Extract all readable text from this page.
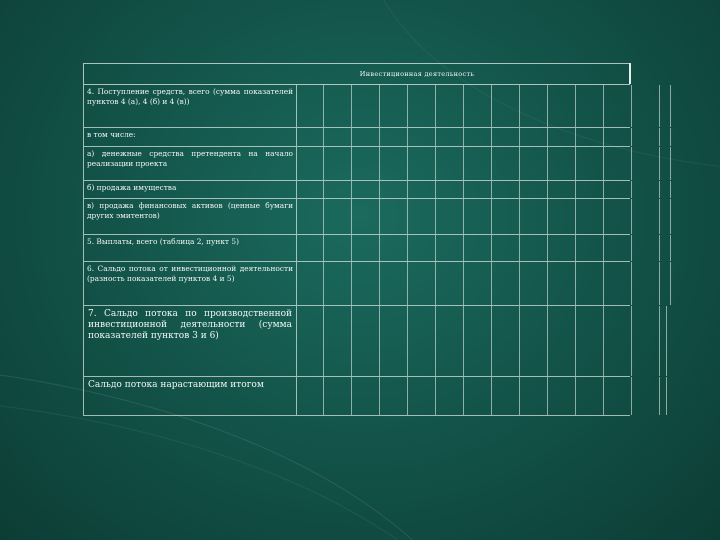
Инвестиционная деятельность
4. Поступление средств, всего (сумма показателей пунктов 4 (а), 4 (б) и 4 (в))
в том числе:
а) денежные средства претендента на начало реализации проекта
б) продажа имущества
в) продажа финансовых активов (ценные бумаги других эмитентов)
5. Выплаты, всего (таблица 2, пункт 5)
6. Сальдо потока от инвестиционной деятельности (разность показателей пунктов 4 и 5)
7. Сальдо потока по производственной инвестиционной деятельности (сумма показателей пунктов 3 и 6)
Сальдо потока нарастающим итогом
